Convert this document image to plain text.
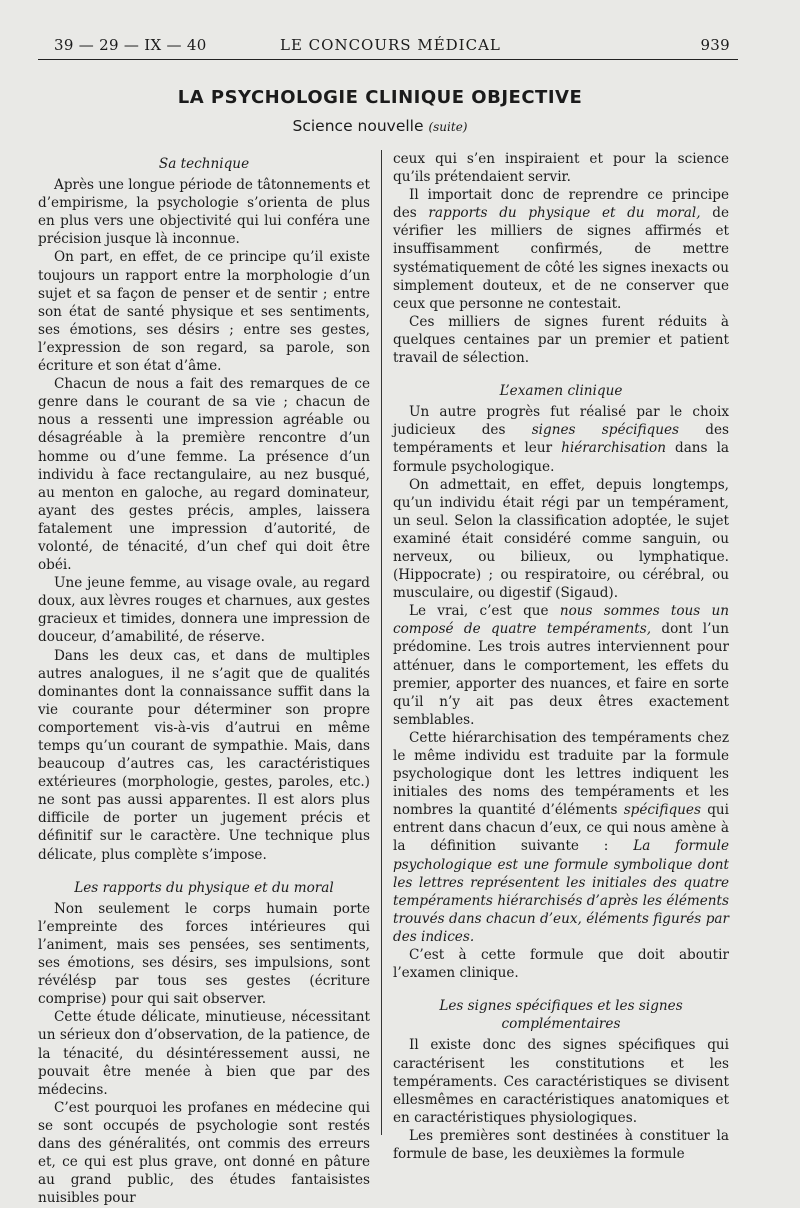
39 — 29 — IX — 40	LE CONCOURS MÉDICAL	939
LA PSYCHOLOGIE CLINIQUE OBJECTIVE
Science nouvelle (suite)
Sa technique

Après une longue période de tâtonnements et d’empirisme, la psychologie s’orienta de plus en plus vers une objectivité qui lui conféra une précision jusque là inconnue.

On part, en effet, de ce principe qu’il existe toujours un rapport entre la morphologie d’un sujet et sa façon de penser et de sentir ; entre son état de santé physique et ses sentiments, ses émotions, ses désirs ; entre ses gestes, l’expression de son regard, sa parole, son écriture et son état d’âme.

Chacun de nous a fait des remarques de ce genre dans le courant de sa vie ; chacun de nous a ressenti une impression agréable ou désagréable à la première rencontre d’un homme ou d’une femme. La présence d’un individu à face rectangulaire, au nez busqué, au menton en galoche, au regard dominateur, ayant des gestes précis, amples, laissera fatalement une impression d’autorité, de volonté, de ténacité, d’un chef qui doit être obéi.

Une jeune femme, au visage ovale, au regard doux, aux lèvres rouges et charnues, aux gestes gracieux et timides, donnera une impression de douceur, d’amabilité, de réserve.

Dans les deux cas, et dans de multiples autres analogues, il ne s’agit que de qualités dominantes dont la connaissance suffit dans la vie courante pour déterminer son propre comportement vis-à-vis d’autrui en même temps qu’un courant de sympathie. Mais, dans beaucoup d’autres cas, les caractéristiques extérieures (morphologie, gestes, paroles, etc.) ne sont pas aussi apparentes. Il est alors plus difficile de porter un jugement précis et définitif sur le caractère. Une technique plus délicate, plus complète s’impose.

Les rapports du physique et du moral

Non seulement le corps humain porte l’empreinte des forces intérieures qui l’animent, mais ses pensées, ses sentiments, ses émotions, ses désirs, ses impulsions, sont révélésp par tous ses gestes (écriture comprise) pour qui sait observer.

Cette étude délicate, minutieuse, nécessitant un sérieux don d’observation, de la patience, de la ténacité, du désintéressement aussi, ne pouvait être menée à bien que par des médecins.

C’est pourquoi les profanes en médecine qui se sont occupés de psychologie sont restés dans des généralités, ont commis des erreurs et, ce qui est plus grave, ont donné en pâture au grand public, des études fantaisistes nuisibles pour

ceux qui s’en inspiraient et pour la science qu’ils prétendaient servir.

Il importait donc de reprendre ce principe des rapports du physique et du moral, de vérifier les milliers de signes affirmés et insuffisamment confirmés, de mettre systématiquement de côté les signes inexacts ou simplement douteux, et de ne conserver que ceux que personne ne contestait.

Ces milliers de signes furent réduits à quelques centaines par un premier et patient travail de sélection.

L’examen clinique

Un autre progrès fut réalisé par le choix judicieux des signes spécifiques des tempéraments et leur hiérarchisation dans la formule psychologique.

On admettait, en effet, depuis longtemps, qu’un individu était régi par un tempérament, un seul. Selon la classification adoptée, le sujet examiné était considéré comme sanguin, ou nerveux, ou bilieux, ou lymphatique. (Hippocrate) ; ou respiratoire, ou cérébral, ou musculaire, ou digestif (Sigaud).

Le vrai, c’est que nous sommes tous un composé de quatre tempéraments, dont l’un prédomine. Les trois autres interviennent pour atténuer, dans le comportement, les effets du premier, apporter des nuances, et faire en sorte qu’il n’y ait pas deux êtres exactement semblables.

Cette hiérarchisation des tempéraments chez le même individu est traduite par la formule psychologique dont les lettres indiquent les initiales des noms des tempéraments et les nombres la quantité d’éléments spécifiques qui entrent dans chacun d’eux, ce qui nous amène à la définition suivante : La formule psychologique est une formule symbolique dont les lettres représentent les initiales des quatre tempéraments hiérarchisés d’après les éléments trouvés dans chacun d’eux, éléments figurés par des indices.

C’est à cette formule que doit aboutir l’examen clinique.

Les signes spécifiques et les signes complémentaires

Il existe donc des signes spécifiques qui caractérisent les constitutions et les tempéraments. Ces caractéristiques se divisent ellesmêmes en caractéristiques anatomiques et en caractéristiques physiologiques.

Les premières sont destinées à constituer la formule de base, les deuxièmes la formule
